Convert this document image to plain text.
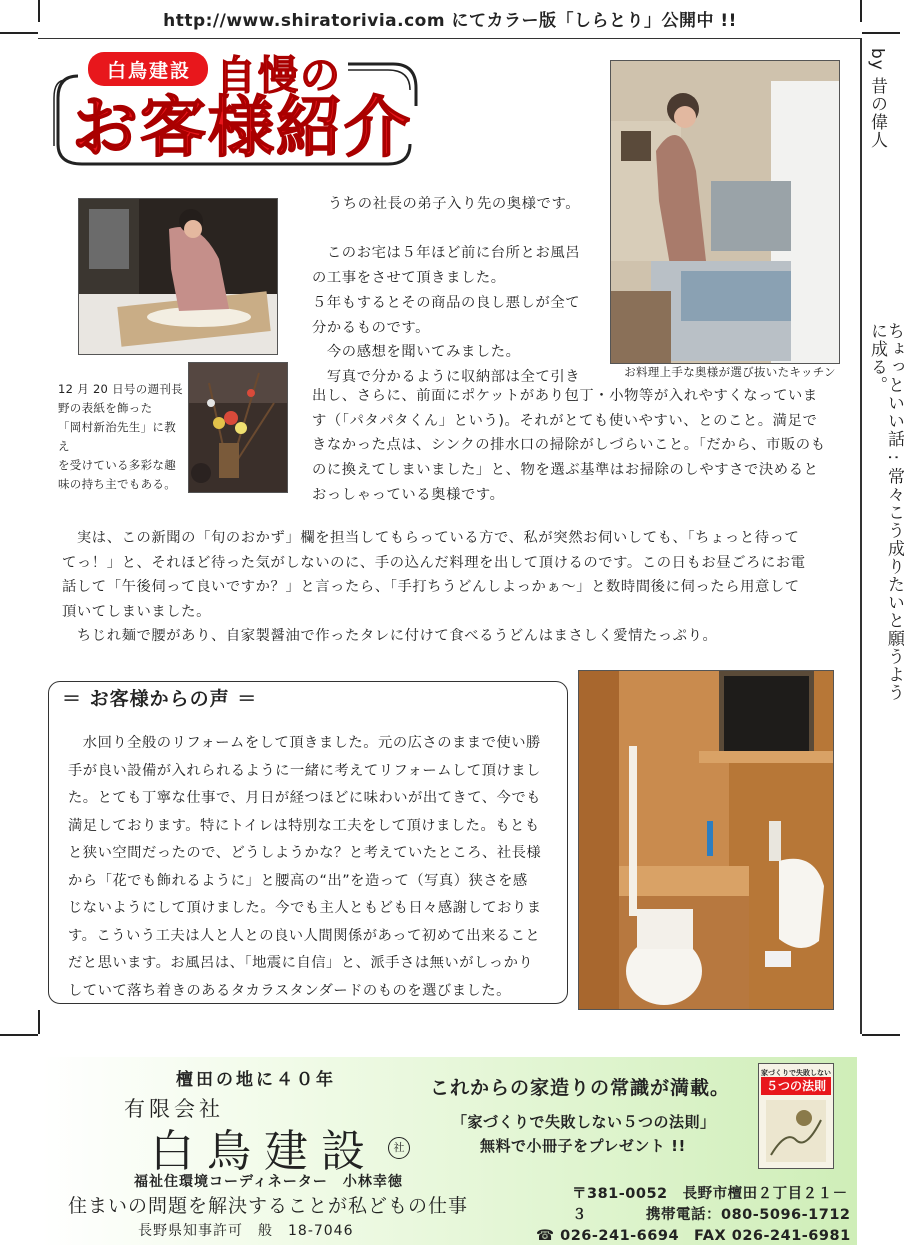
http://www.shiratorivia.com にてカラー版「しらとり」公開中 !!
ちょっといい話 : 常々こう成りたいと願うように成る。
by 昔の偉人
白鳥建設 自慢の
お客様紹介
お料理上手な奥様が選び抜いたキッチン
12 月 20 日号の週刊長
野の表紙を飾った
「岡村新治先生」に教え
を受けている多彩な趣
味の持ち主でもある。

うちの社長の弟子入り先の奥様です。

　このお宅は５年ほど前に台所とお風呂

の工事をさせて頂きました。

５年もするとその商品の良し悪しが全て

分かるものです。

　今の感想を聞いてみました。

　写真で分かるように収納部は全て引き

出し、さらに、前面にポケットがあり包丁・小物等が入れやすくなっていま

す（「パタパタくん」という)。それがとても使いやすい、とのこと。満足で

きなかった点は、シンクの排水口の掃除がしづらいこと。「だから、市販のも

のに換えてしまいました」と、物を選ぶ基準はお掃除のしやすさで決めると

おっしゃっている奥様です。

　実は、この新聞の「旬のおかず」欄を担当してもらっている方で、私が突然お伺いしても、「ちょっと待って

てっ！」と、それほど待った気がしないのに、手の込んだ料理を出して頂けるのです。この日もお昼ごろにお電

話して「午後伺って良いですか？」と言ったら、「手打ちうどんしよっかぁ〜」と数時間後に伺ったら用意して

頂いてしまいました。

　ちじれ麺で腰があり、自家製醤油で作ったタレに付けて食べるうどんはまさしく愛情たっぷり。

＝ お客様からの声 ＝
　水回り全般のリフォームをして頂きました。元の広さのままで使い勝
手が良い設備が入れられるように一緒に考えてリフォームして頂けまし
た。とても丁寧な仕事で、月日が経つほどに味わいが出てきて、今でも
満足しております。特にトイレは特別な工夫をして頂けました。もとも
と狭い空間だったので、どうしようかな？と考えていたところ、社長様
から「花でも飾れるように」と腰高の“出”を造って（写真）狭さを感
じないようにして頂けました。今でも主人ともども日々感謝しておりま
す。こういう工夫は人と人との良い人間関係があって初めて出来ること
だと思います。お風呂は、「地震に自信」と、派手さは無いがしっかり
していて落ち着きのあるタカラスタンダードのものを選びました。
檀田の地に４０年
有限会社
白鳥建設	社
福祉住環境コーディネーター　小林幸徳
住まいの問題を解決することが私どもの仕事
長野県知事許可　般　18-7046
これからの家造りの常識が満載。
「家づくりで失敗しない５つの法則」
無料で小冊子をプレゼント !!
家づくりで失敗しない
５つの法則
〒381-0052　長野市檀田２丁目２１－３	携帯電話：080-5096-1712
☎ 026-241-6694　FAX 026-241-6981
